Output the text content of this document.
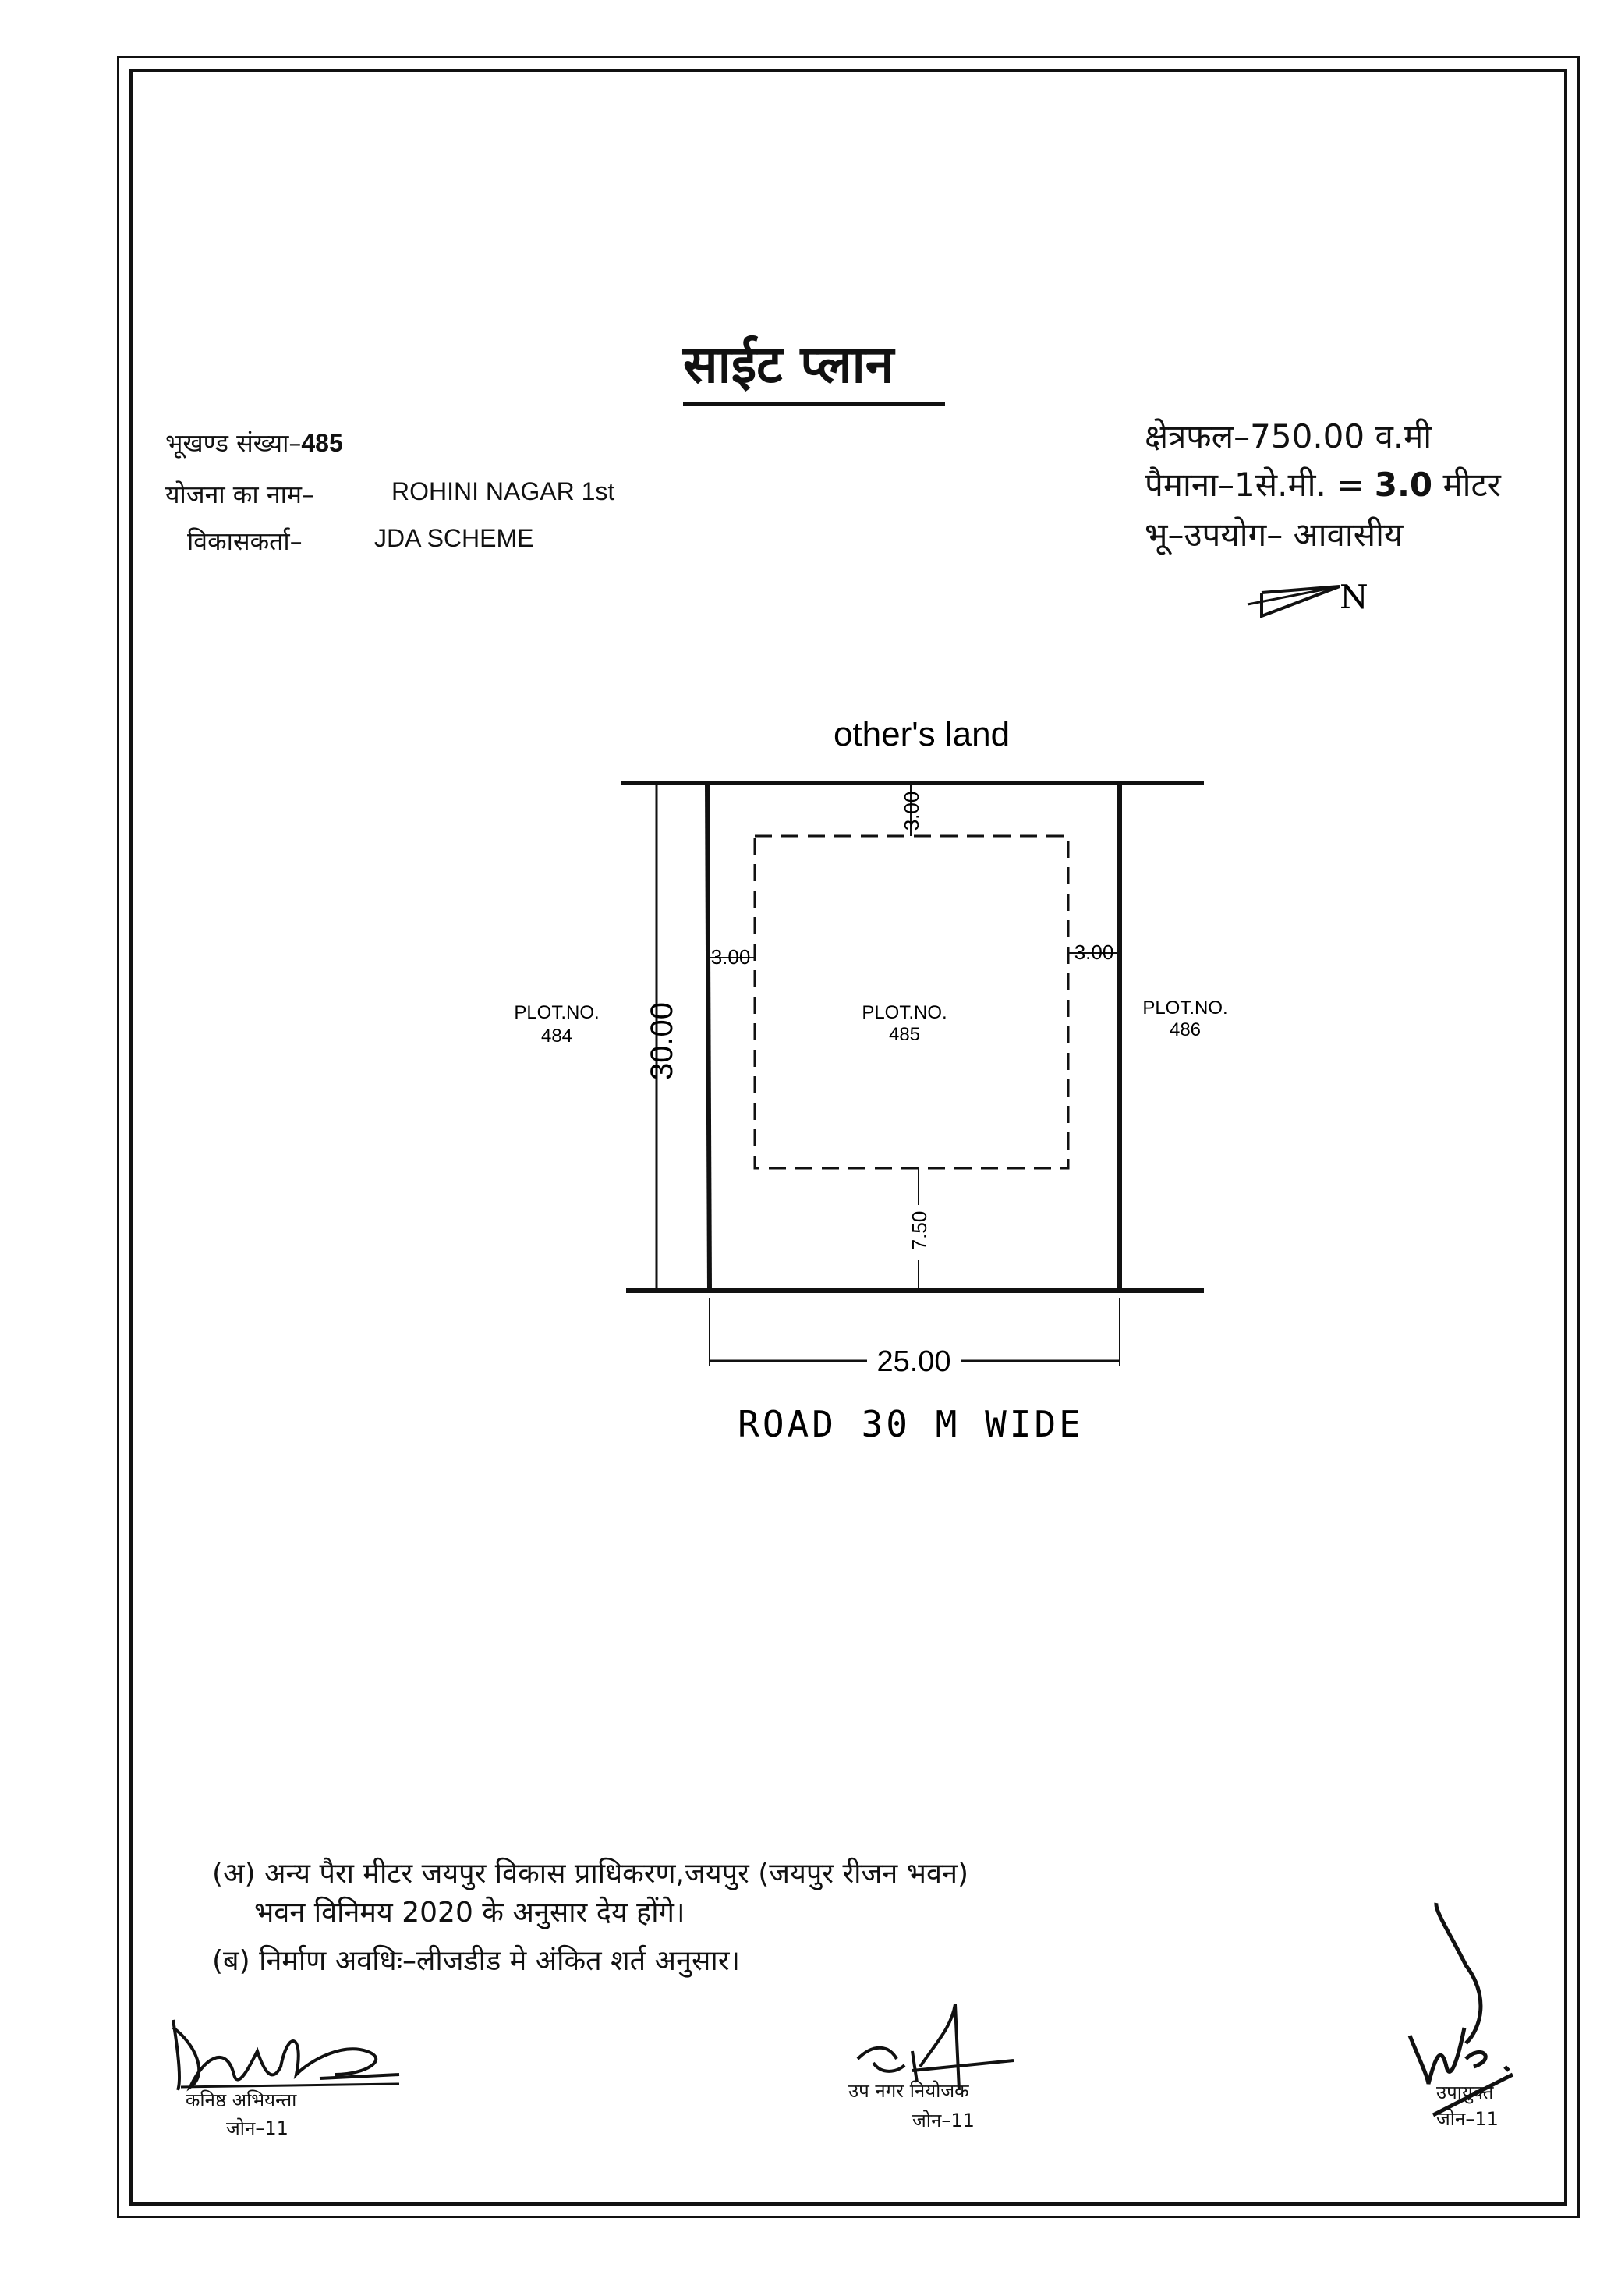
साईट प्लान
भूखण्ड संख्या–485
योजना का नाम–	ROHINI NAGAR 1st
विकासकर्ता–	JDA SCHEME
क्षेत्रफल–750.00 व.मी
पैमाना–1से.मी. = 3.0 मीटर
भू–उपयोग– आवासीय
N
other's land
30.00
25.00
3.00
3.00	3.00
7.50
PLOT.NO.
484
PLOT.NO.
485
PLOT.NO.
486
ROAD 30 M WIDE
(अ) अन्य पैरा मीटर जयपुर विकास प्राधिकरण,जयपुर (जयपुर रीजन भवन)
भवन विनिमय 2020 के अनुसार देय होंगे।
(ब) निर्माण अवधिः–लीजडीड मे अंकित शर्त अनुसार।
कनिष्ठ अभियन्ता
जोन–11
उप नगर नियोजक
जोन–11
उपायुक्त
जोन–11
